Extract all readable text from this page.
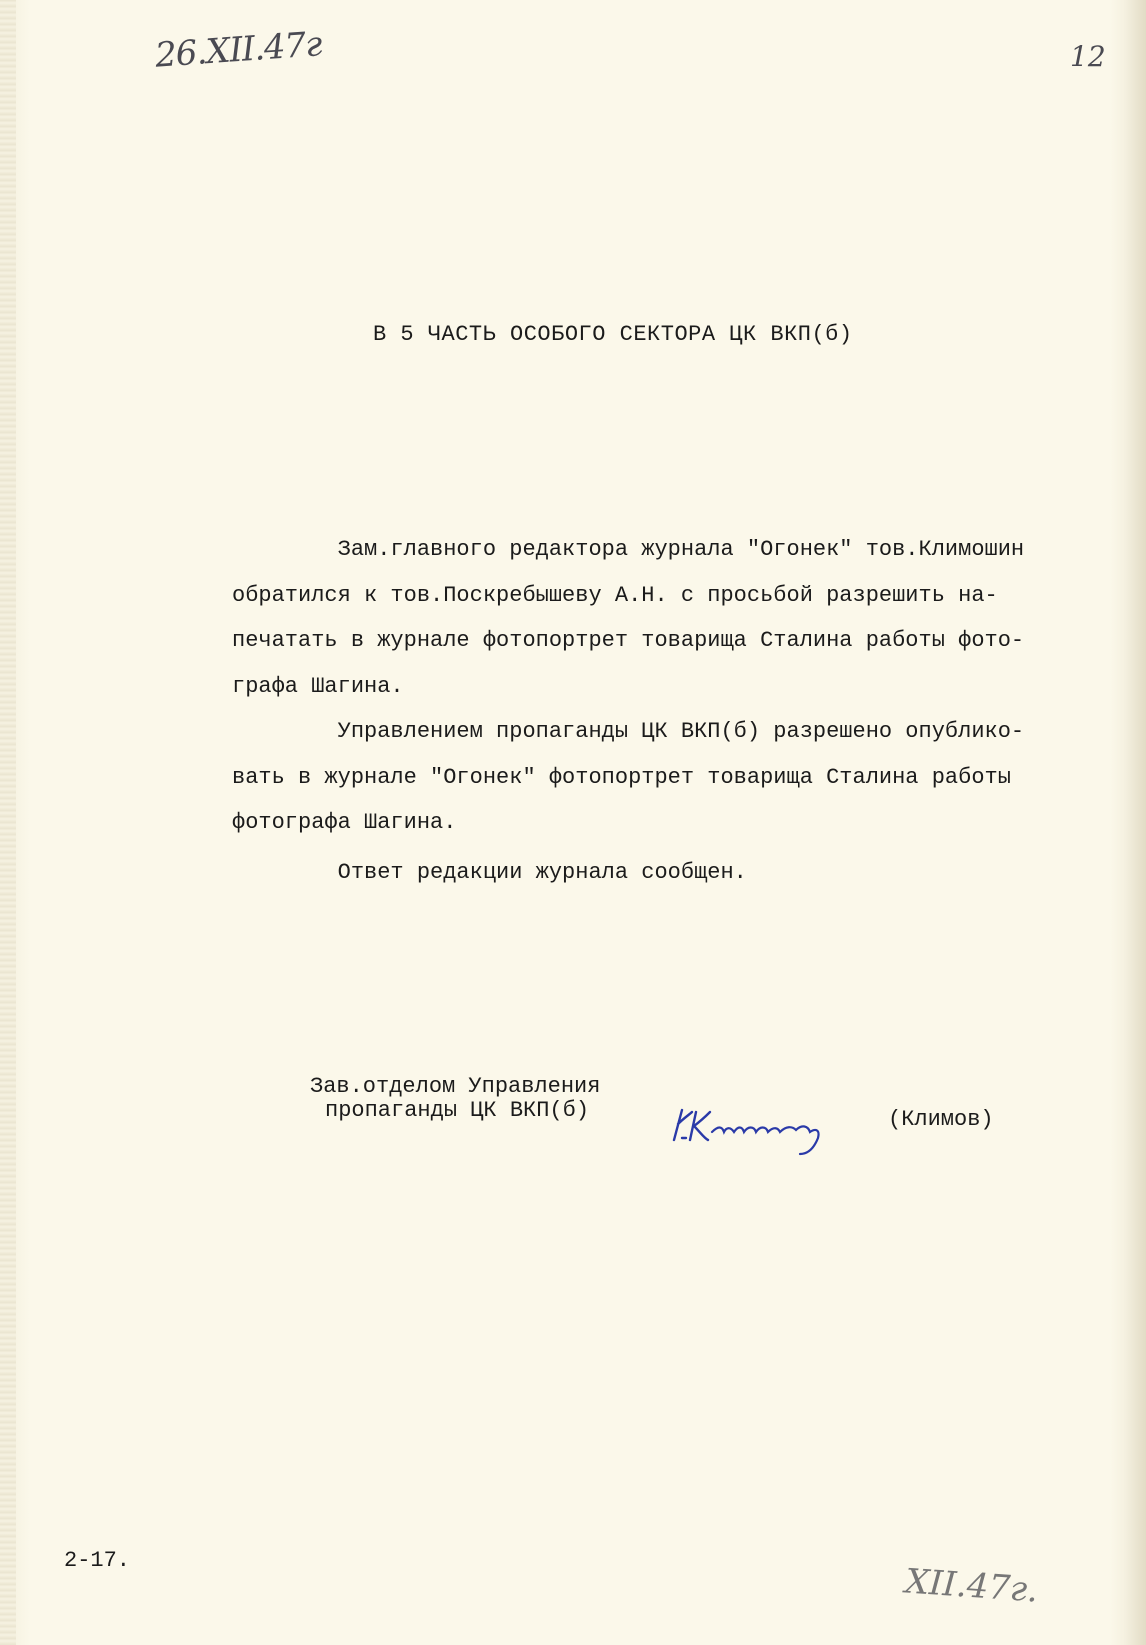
26.XII.47г	12
В 5 ЧАСТЬ ОСОБОГО СЕКТОРА ЦК ВКП(б)
Зам.главного редактора журнала "Огонек" тов.Климошин
обратился к тов.Поскребышеву А.Н. с просьбой разрешить на-
печатать в журнале фотопортрет товарища Сталина работы фото-
графа Шагина.
Управлением пропаганды ЦК ВКП(б) разрешено опублико-
вать в журнале "Огонек" фотопортрет товарища Сталина работы
фотографа Шагина.
Ответ редакции журнала сообщен.
Зав.отделом Управления
пропаганды ЦК ВКП(б)	(Климов)
2-17.
XII.47г.
